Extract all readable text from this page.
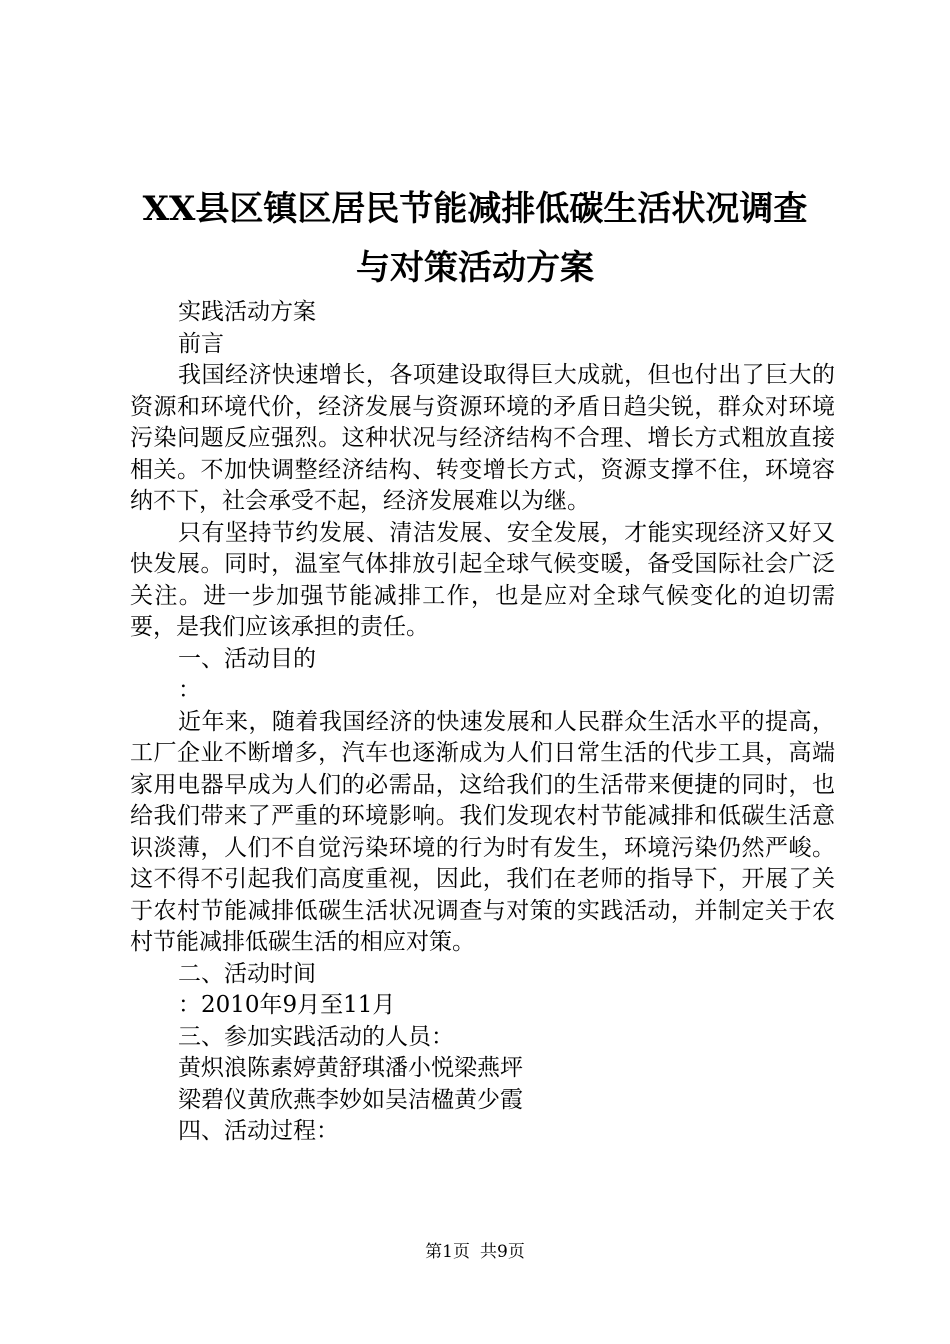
XX县区镇区居民节能减排低碳生活状况调查
与对策活动方案

实践活动方案

前言

我国经济快速增长，各项建设取得巨大成就，但也付出了巨大的资源和环境代价，经济发展与资源环境的矛盾日趋尖锐，群众对环境污染问题反应强烈。这种状况与经济结构不合理、增长方式粗放直接相关。不加快调整经济结构、转变增长方式，资源支撑不住，环境容纳不下，社会承受不起，经济发展难以为继。

只有坚持节约发展、清洁发展、安全发展，才能实现经济又好又快发展。同时，温室气体排放引起全球气候变暖，备受国际社会广泛关注。进一步加强节能减排工作，也是应对全球气候变化的迫切需要，是我们应该承担的责任。

一、活动目的

：

近年来，随着我国经济的快速发展和人民群众生活水平的提高，工厂企业不断增多，汽车也逐渐成为人们日常生活的代步工具，高端家用电器早成为人们的必需品，这给我们的生活带来便捷的同时，也给我们带来了严重的环境影响。我们发现农村节能减排和低碳生活意识淡薄，人们不自觉污染环境的行为时有发生，环境污染仍然严峻。这不得不引起我们高度重视，因此，我们在老师的指导下，开展了关于农村节能减排低碳生活状况调查与对策的实践活动，并制定关于农村节能减排低碳生活的相应对策。

二、活动时间

：2010年9月至11月

三、参加实践活动的人员：

黄炽浪陈素婷黄舒琪潘小悦梁燕坪

梁碧仪黄欣燕李妙如吴洁楹黄少霞

四、活动过程：

第1页 共9页
